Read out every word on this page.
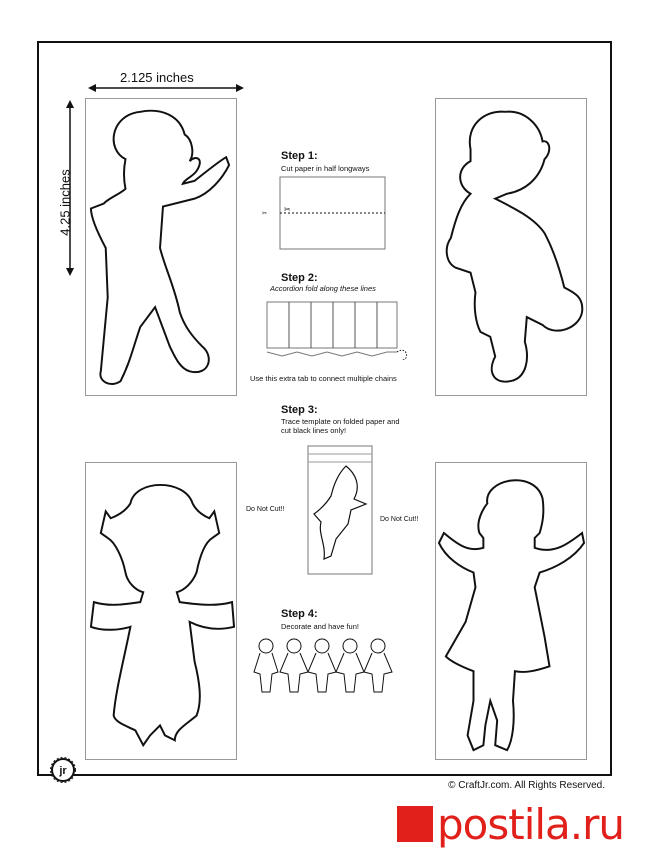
2.125 inches
4.25 inches
Step 1:
Cut paper in half longways
✂ ✂
Step 2:
Accordion fold along these lines
Use this extra tab to connect multiple chains
Step 3:
Trace template on folded paper and cut black lines only!
Do Not Cut!!
Do Not Cut!!
Step 4:
Decorate and have fun!
jr
© CraftJr.com. All Rights Reserved.
postila.ru
